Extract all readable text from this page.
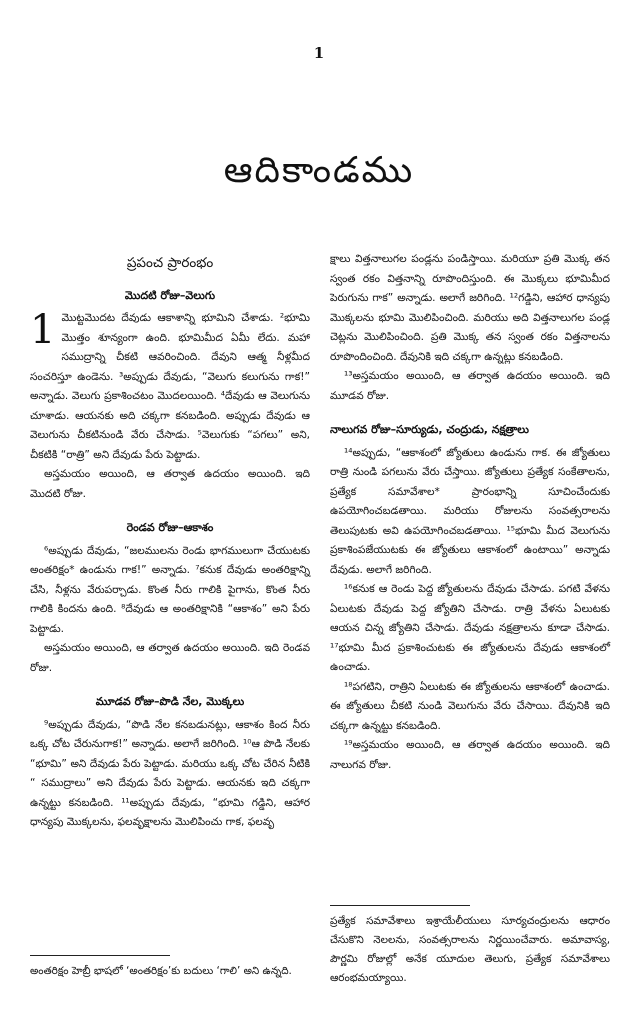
1
ఆదికాండము
ప్రపంచ ప్రారంభం
మొదటి రోజు–వెలుగు

1 మొట్టమొదట దేవుడు ఆకాశాన్ని భూమిని చేశాడు. ²భూమి మొత్తం శూన్యంగా ఉంది. భూమిమీద ఏమీ లేదు. మహా సముద్రాన్ని చీకటి ఆవరించింది. దేవుని ఆత్మ నీళ్లమీద సంచరిస్తూ ఉండెను. ³అప్పుడు దేవుడు, “వెలుగు కలుగును గాక!” అన్నాడు. వెలుగు ప్రకాశించటం మొదలయింది. ⁴దేవుడు ఆ వెలుగును చూశాడు. ఆయనకు అది చక్కగా కనబడింది. అప్పుడు దేవుడు ఆ వెలుగును చీకటినుండి వేరు చేసాడు. ⁵వెలుగుకు “పగలు” అని, చీకటికి “రాత్రి” అని దేవుడు పేరు పెట్టాడు.

అస్తమయం అయింది, ఆ తర్వాత ఉదయం అయింది. ఇది మొదటి రోజు.

రెండవ రోజు–ఆకాశం

⁶అప్పుడు దేవుడు, “జలములను రెండు భాగములుగా చేయుటకు అంతరిక్షం* ఉండును గాక!” అన్నాడు. ⁷కనుక దేవుడు అంతరిక్షాన్ని చేసి, నీళ్లను వేరుపర్చాడు. కొంత నీరు గాలికి పైగాను, కొంత నీరు గాలికి కిందను ఉంది. ⁸దేవుడు ఆ అంతరిక్షానికి “ఆకాశం” అని పేరు పెట్టాడు.

అస్తమయం అయింది, ఆ తర్వాత ఉదయం అయింది. ఇది రెండవ రోజు.

మూడవ రోజు–పొడి నేల, మొక్కలు

⁹అప్పుడు దేవుడు, “పొడి నేల కనబడునట్లు, ఆకాశం కింద నీరు ఒక్క చోట చేరునుగాక!” అన్నాడు. అలాగే జరిగింది. ¹⁰ఆ పొడి నేలకు “భూమి” అని దేవుడు పేరు పెట్టాడు. మరియు ఒక్క చోట చేరిన నీటికి “ సముద్రాలు” అని దేవుడు పేరు పెట్టాడు. ఆయనకు ఇది చక్కగా ఉన్నట్టు కనబడింది. ¹¹అప్పుడు దేవుడు, “భూమి గడ్డిని, ఆహార ధాన్యపు మొక్కలను, ఫలవృక్షాలను మొలిపించు గాక, ఫలవృ

అంతరిక్షం హెబ్రీ భాషలో ‘అంతరిక్షం’కు బదులు ‘గాలి’ అని ఉన్నది.

క్షాలు విత్తనాలుగల పండ్లను పండిస్తాయి. మరియూ ప్రతి మొక్క తన స్వంత రకం విత్తనాన్ని రూపొందిస్తుంది. ఈ మొక్కలు భూమిమీద పెరుగును గాక” అన్నాడు. అలాగే జరిగింది. ¹²గడ్డిని, ఆహార ధాన్యపు మొక్కలను భూమి మొలిపించింది. మరియు అది విత్తనాలుగల పండ్ల చెట్లను మొలిపించింది. ప్రతి మొక్క తన స్వంత రకం విత్తనాలను రూపొందించింది. దేవునికి ఇది చక్కగా ఉన్నట్లు కనబడింది.

¹³అస్తమయం అయింది, ఆ తర్వాత ఉదయం అయింది. ఇది మూడవ రోజు.

నాలుగవ రోజు–సూర్యుడు, చంద్రుడు, నక్షత్రాలు

¹⁴అప్పుడు, “ఆకాశంలో జ్యోతులు ఉండును గాక. ఈ జ్యోతులు రాత్రి నుండి పగలును వేరు చేస్తాయి. జ్యోతులు ప్రత్యేక సంకేతాలను, ప్రత్యేక సమావేశాల* ప్రారంభాన్ని సూచించేందుకు ఉపయోగించబడతాయి. మరియు రోజులను సంవత్సరాలను తెలుపుటకు అవి ఉపయోగించబడతాయి. ¹⁵భూమి మీద వెలుగును ప్రకాశింపజేయుటకు ఈ జ్యోతులు ఆకాశంలో ఉంటాయి” అన్నాడు దేవుడు. అలాగే జరిగింది.

¹⁶కనుక ఆ రెండు పెద్ద జ్యోతులను దేవుడు చేసాడు. పగటి వేళను ఏలుటకు దేవుడు పెద్ద జ్యోతిని చేసాడు. రాత్రి వేళను ఏలుటకు ఆయన చిన్న జ్యోతిని చేసాడు. దేవుడు నక్షత్రాలను కూడా చేసాడు. ¹⁷భూమి మీద ప్రకాశించుటకు ఈ జ్యోతులను దేవుడు ఆకాశంలో ఉంచాడు.

¹⁸పగటిని, రాత్రిని ఏలుటకు ఈ జ్యోతులను ఆకాశంలో ఉంచాడు. ఈ జ్యోతులు చీకటి నుండి వెలుగును వేరు చేసాయి. దేవునికి ఇది చక్కగా ఉన్నట్టు కనబడింది.

¹⁹అస్తమయం అయింది, ఆ తర్వాత ఉదయం అయింది. ఇది నాలుగవ రోజు.

ప్రత్యేక సమావేశాలు ఇశ్రాయేలీయులు సూర్యచంద్రులను ఆధారం చేసుకొని నెలలను, సంవత్సరాలను నిర్ణయించేవారు. అమావాస్య, పౌర్ణమి రోజుల్లో అనేక యూదుల తెలుగు, ప్రత్యేక సమావేశాలు ఆరంభమయ్యాయి.
